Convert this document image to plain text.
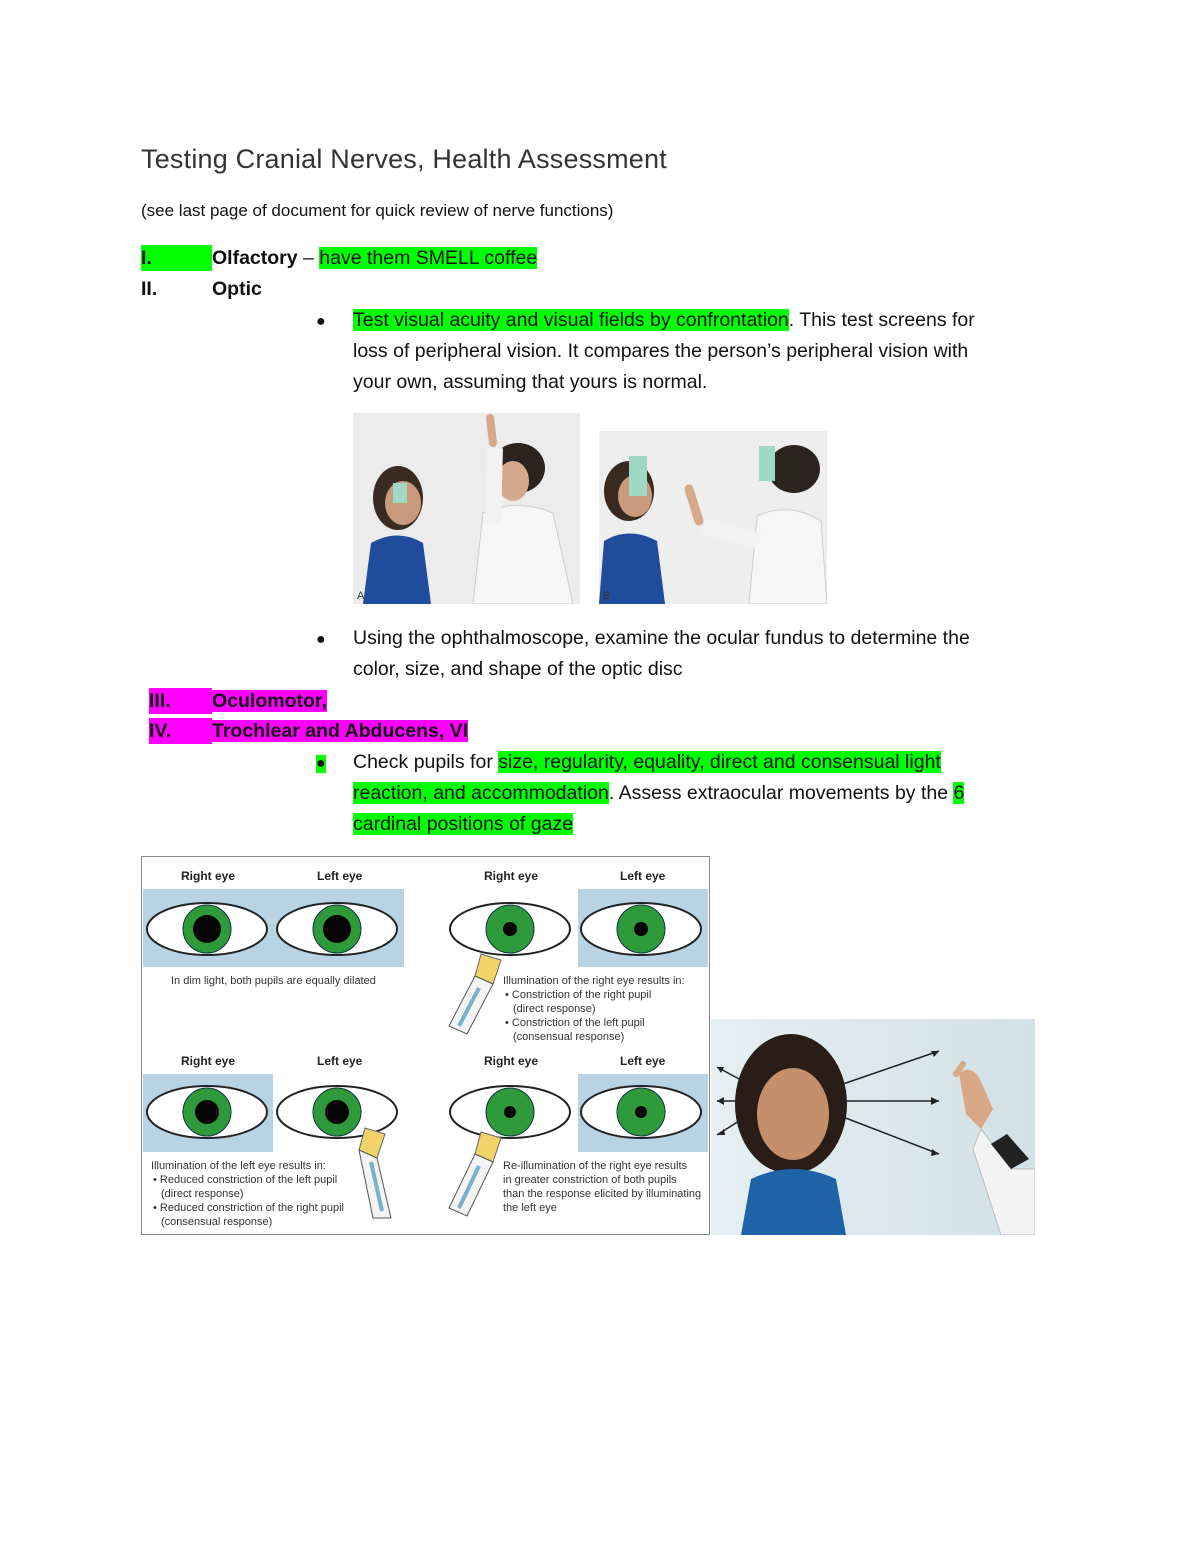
Testing Cranial Nerves, Health Assessment
(see last page of document for quick review of nerve functions)
I.	Olfactory – have them SMELL coffee
II.	Optic
● Test visual acuity and visual fields by confrontation. This test screens for
loss of peripheral vision. It compares the person’s peripheral vision with
your own, assuming that yours is normal.
A	B
● Using the ophthalmoscope, examine the ocular fundus to determine the
color, size, and shape of the optic disc
III. Oculomotor,
IV. Trochlear and Abducens, VI
● Check pupils for size, regularity, equality, direct and consensual light
reaction, and accommodation. Assess extraocular movements by the 6
cardinal positions of gaze
Right eye	Left eye
In dim light, both pupils are equally dilated
Right eye	Left eye
Illumination of the right eye results in:
• Constriction of the right pupil
(direct response)
• Constriction of the left pupil
(consensual response)
Right eye	Left eye
Illumination of the left eye results in:
• Reduced constriction of the left pupil
(direct response)
• Reduced constriction of the right pupil
(consensual response)
Right eye	Left eye
Re-illumination of the right eye results
in greater constriction of both pupils
than the response elicited by illuminating
the left eye
